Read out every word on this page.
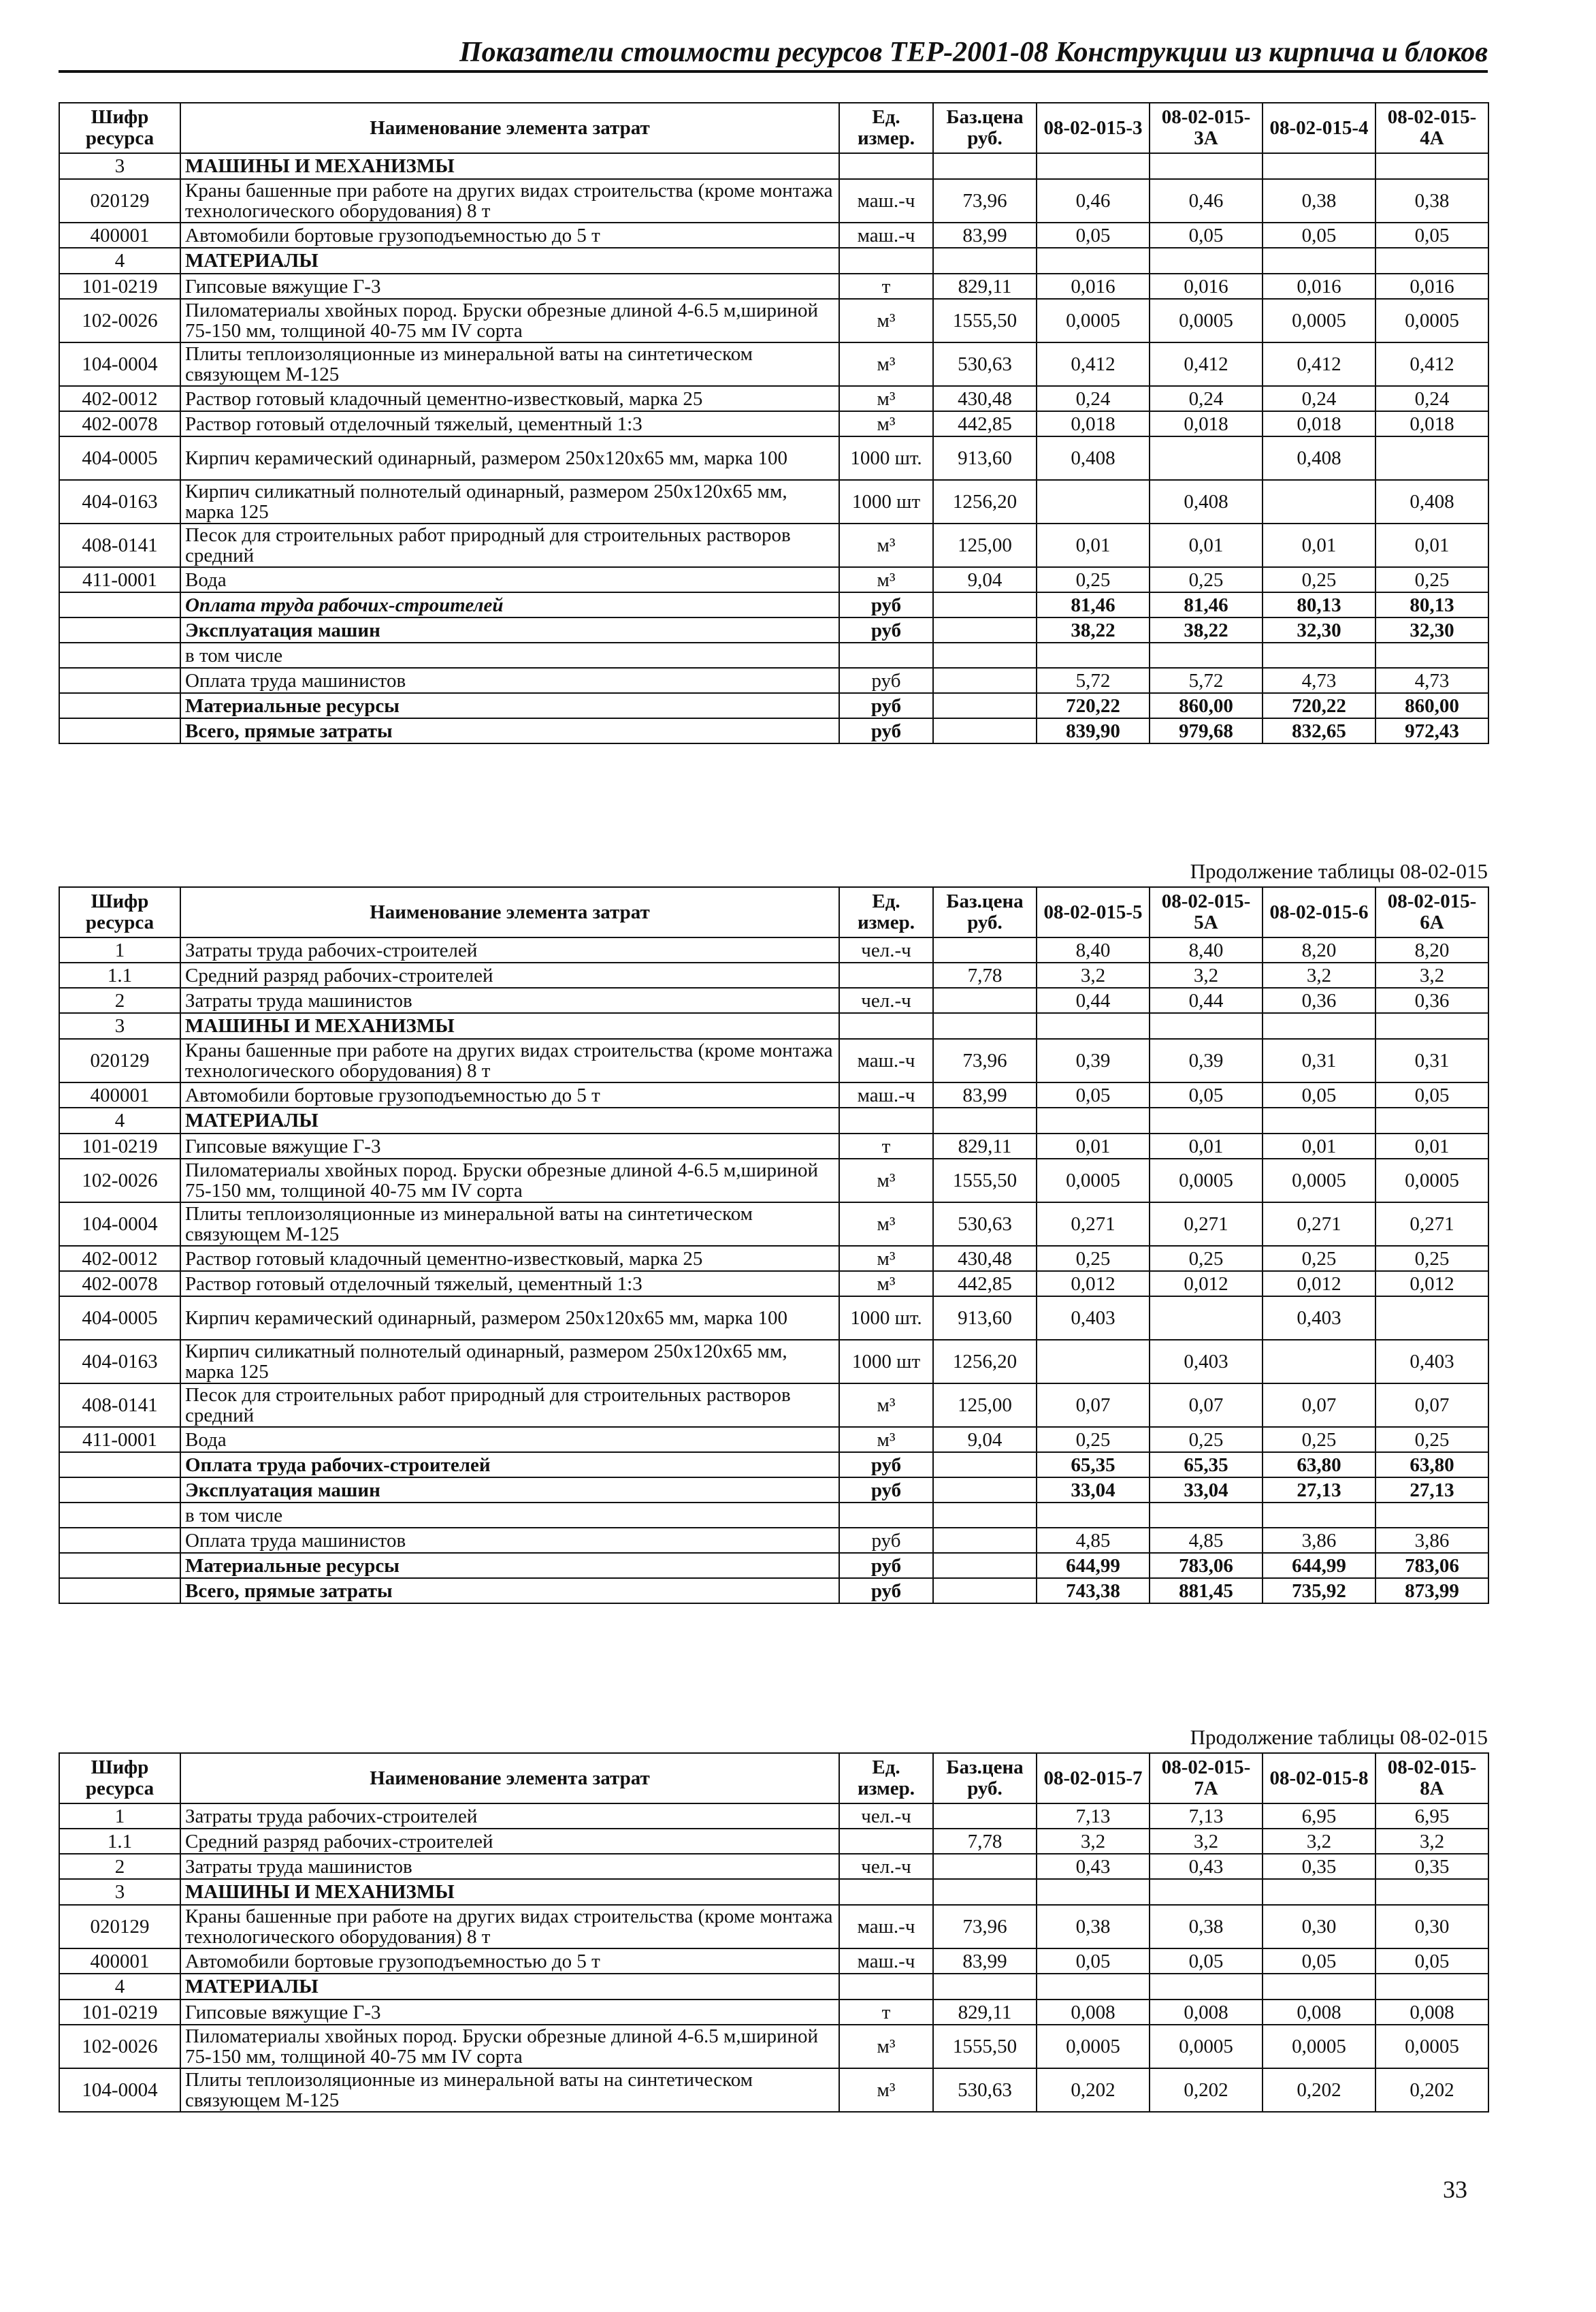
Показатели стоимости ресурсов ТЕР-2001-08 Конструкции из кирпича и блоков
Шифр ресурса	Наименование элемента затрат	Ед. измер.	Баз.цена руб.	08-02-015-3	08-02-015-3А	08-02-015-4	08-02-015-4А
3	МАШИНЫ И МЕХАНИЗМЫ						
020129	Краны башенные при работе на других видах строительства (кроме монтажа технологического оборудования) 8 т	маш.-ч	73,96	0,46	0,46	0,38	0,38
400001	Автомобили бортовые грузоподъемностью до 5 т	маш.-ч	83,99	0,05	0,05	0,05	0,05
4	МАТЕРИАЛЫ						
101-0219	Гипсовые вяжущие Г-3	т	829,11	0,016	0,016	0,016	0,016
102-0026	Пиломатериалы хвойных пород. Бруски обрезные длиной 4-6.5 м,шириной 75-150 мм, толщиной 40-75 мм IV сорта	м³	1555,50	0,0005	0,0005	0,0005	0,0005
104-0004	Плиты теплоизоляционные из минеральной ваты на синтетическом связующем М-125	м³	530,63	0,412	0,412	0,412	0,412
402-0012	Раствор готовый кладочный цементно-известковый, марка 25	м³	430,48	0,24	0,24	0,24	0,24
402-0078	Раствор готовый отделочный тяжелый, цементный 1:3	м³	442,85	0,018	0,018	0,018	0,018
404-0005	Кирпич керамический одинарный, размером 250х120х65 мм, марка 100	1000 шт.	913,60	0,408		0,408	
404-0163	Кирпич силикатный полнотелый одинарный, размером 250х120х65 мм, марка 125	1000 шт	1256,20		0,408		0,408
408-0141	Песок для строительных работ природный для строительных растворов средний	м³	125,00	0,01	0,01	0,01	0,01
411-0001	Вода	м³	9,04	0,25	0,25	0,25	0,25
	Оплата труда рабочих-строителей	руб		81,46	81,46	80,13	80,13
	Эксплуатация машин	руб		38,22	38,22	32,30	32,30
	в том числе						
	Оплата труда машинистов	руб		5,72	5,72	4,73	4,73
	Материальные ресурсы	руб		720,22	860,00	720,22	860,00
	Всего, прямые затраты	руб		839,90	979,68	832,65	972,43
Продолжение таблицы 08-02-015
Шифр ресурса	Наименование элемента затрат	Ед. измер.	Баз.цена руб.	08-02-015-5	08-02-015-5А	08-02-015-6	08-02-015-6А
1	Затраты труда рабочих-строителей	чел.-ч		8,40	8,40	8,20	8,20
1.1	Средний разряд рабочих-строителей		7,78	3,2	3,2	3,2	3,2
2	Затраты труда машинистов	чел.-ч		0,44	0,44	0,36	0,36
3	МАШИНЫ И МЕХАНИЗМЫ						
020129	Краны башенные при работе на других видах строительства (кроме монтажа технологического оборудования) 8 т	маш.-ч	73,96	0,39	0,39	0,31	0,31
400001	Автомобили бортовые грузоподъемностью до 5 т	маш.-ч	83,99	0,05	0,05	0,05	0,05
4	МАТЕРИАЛЫ						
101-0219	Гипсовые вяжущие Г-3	т	829,11	0,01	0,01	0,01	0,01
102-0026	Пиломатериалы хвойных пород. Бруски обрезные длиной 4-6.5 м,шириной 75-150 мм, толщиной 40-75 мм IV сорта	м³	1555,50	0,0005	0,0005	0,0005	0,0005
104-0004	Плиты теплоизоляционные из минеральной ваты на синтетическом связующем М-125	м³	530,63	0,271	0,271	0,271	0,271
402-0012	Раствор готовый кладочный цементно-известковый, марка 25	м³	430,48	0,25	0,25	0,25	0,25
402-0078	Раствор готовый отделочный тяжелый, цементный 1:3	м³	442,85	0,012	0,012	0,012	0,012
404-0005	Кирпич керамический одинарный, размером 250х120х65 мм, марка 100	1000 шт.	913,60	0,403		0,403	
404-0163	Кирпич силикатный полнотелый одинарный, размером 250х120х65 мм, марка 125	1000 шт	1256,20		0,403		0,403
408-0141	Песок для строительных работ природный для строительных растворов средний	м³	125,00	0,07	0,07	0,07	0,07
411-0001	Вода	м³	9,04	0,25	0,25	0,25	0,25
	Оплата труда рабочих-строителей	руб		65,35	65,35	63,80	63,80
	Эксплуатация машин	руб		33,04	33,04	27,13	27,13
	в том числе						
	Оплата труда машинистов	руб		4,85	4,85	3,86	3,86
	Материальные ресурсы	руб		644,99	783,06	644,99	783,06
	Всего, прямые затраты	руб		743,38	881,45	735,92	873,99
Продолжение таблицы 08-02-015
Шифр ресурса	Наименование элемента затрат	Ед. измер.	Баз.цена руб.	08-02-015-7	08-02-015-7А	08-02-015-8	08-02-015-8А
1	Затраты труда рабочих-строителей	чел.-ч		7,13	7,13	6,95	6,95
1.1	Средний разряд рабочих-строителей		7,78	3,2	3,2	3,2	3,2
2	Затраты труда машинистов	чел.-ч		0,43	0,43	0,35	0,35
3	МАШИНЫ И МЕХАНИЗМЫ						
020129	Краны башенные при работе на других видах строительства (кроме монтажа технологического оборудования) 8 т	маш.-ч	73,96	0,38	0,38	0,30	0,30
400001	Автомобили бортовые грузоподъемностью до 5 т	маш.-ч	83,99	0,05	0,05	0,05	0,05
4	МАТЕРИАЛЫ						
101-0219	Гипсовые вяжущие Г-3	т	829,11	0,008	0,008	0,008	0,008
102-0026	Пиломатериалы хвойных пород. Бруски обрезные длиной 4-6.5 м,шириной 75-150 мм, толщиной 40-75 мм IV сорта	м³	1555,50	0,0005	0,0005	0,0005	0,0005
104-0004	Плиты теплоизоляционные из минеральной ваты на синтетическом связующем М-125	м³	530,63	0,202	0,202	0,202	0,202
33
